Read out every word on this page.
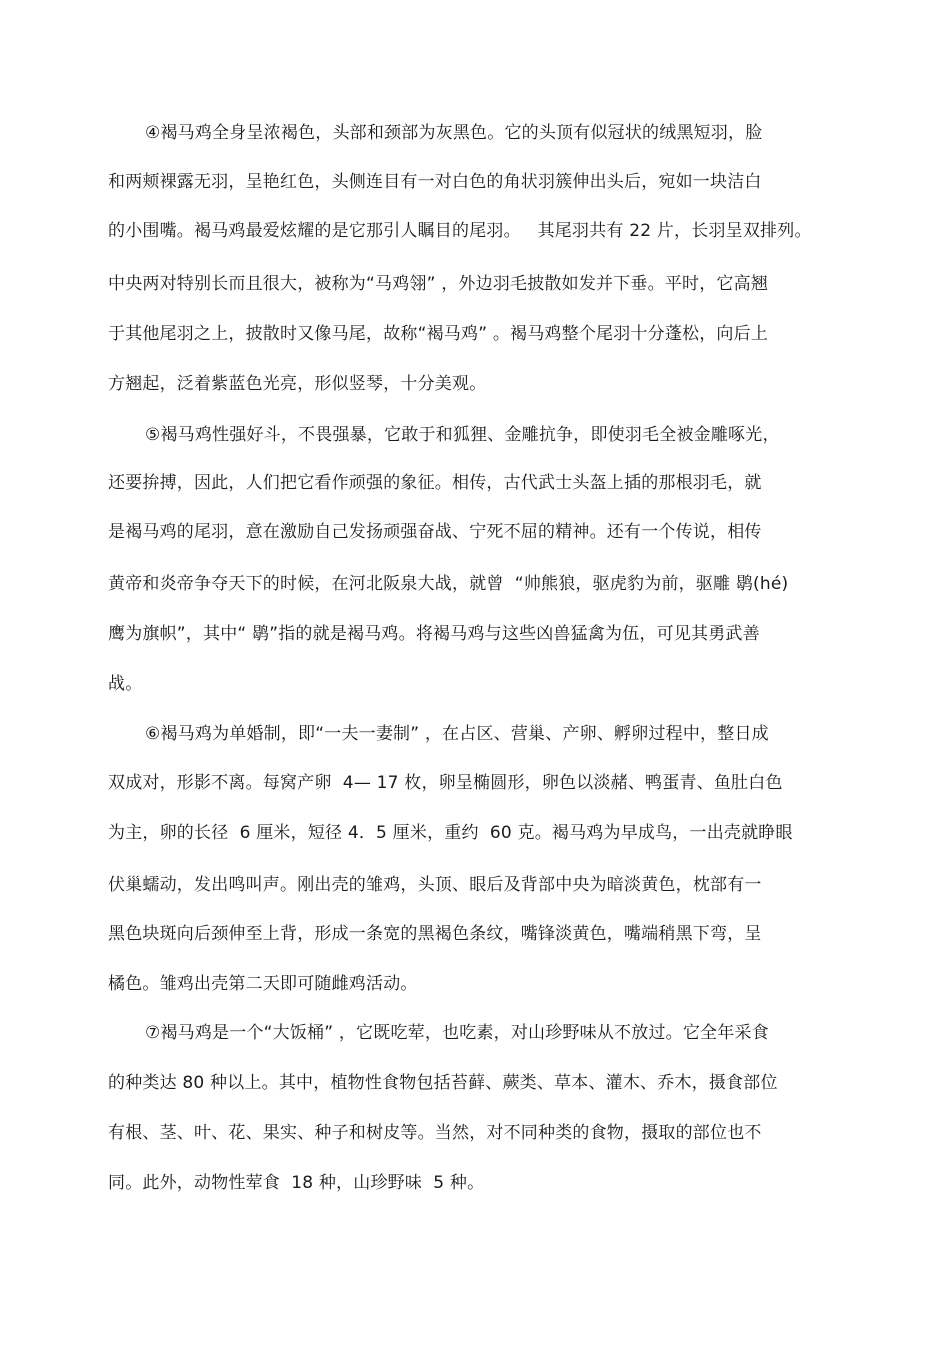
④褐马鸡全身呈浓褐色，头部和颈部为灰黑色。它的头顶有似冠状的绒黑短羽，脸
和两颊裸露无羽，呈艳红色，头侧连目有一对白色的角状羽簇伸出头后，宛如一块洁白
的小围嘴。褐马鸡最爱炫耀的是它那引人瞩目的尾羽。   其尾羽共有 22 片，长羽呈双排列。
中央两对特别长而且很大，被称为“马鸡翎” ，外边羽毛披散如发并下垂。平时，它高翘
于其他尾羽之上，披散时又像马尾，故称“褐马鸡” 。褐马鸡整个尾羽十分蓬松，向后上
方翘起，泛着紫蓝色光亮，形似竖琴，十分美观。
⑤褐马鸡性强好斗，不畏强暴，它敢于和狐狸、金雕抗争，即使羽毛全被金雕啄光，
还要拚搏，因此，人们把它看作顽强的象征。相传，古代武士头盔上插的那根羽毛，就
是褐马鸡的尾羽，意在激励自己发扬顽强奋战、宁死不屈的精神。还有一个传说，相传
黄帝和炎帝争夺天下的时候，在河北阪泉大战，就曾  “帅熊狼，驱虎豹为前，驱雕 鹖(hé)
鹰为旗帜”，其中“ 鹖”指的就是褐马鸡。将褐马鸡与这些凶兽猛禽为伍，可见其勇武善
战。
⑥褐马鸡为单婚制，即“一夫一妻制” ，在占区、营巢、产卵、孵卵过程中，整日成
双成对，形影不离。每窝产卵  4— 17 枚，卵呈椭圆形，卵色以淡赭、鸭蛋青、鱼肚白色
为主，卵的长径  6 厘米，短径 4．5 厘米，重约  60 克。褐马鸡为早成鸟，一出壳就睁眼
伏巢蠕动，发出鸣叫声。刚出壳的雏鸡，头顶、眼后及背部中央为暗淡黄色，枕部有一
黑色块斑向后颈伸至上背，形成一条宽的黑褐色条纹，嘴锋淡黄色，嘴端稍黑下弯，呈
橘色。雏鸡出壳第二天即可随雌鸡活动。
⑦褐马鸡是一个“大饭桶” ，它既吃荤，也吃素，对山珍野味从不放过。它全年采食
的种类达 80 种以上。其中，植物性食物包括苔藓、蕨类、草本、灌木、乔木，摄食部位
有根、茎、叶、花、果实、种子和树皮等。当然，对不同种类的食物，摄取的部位也不
同。此外，动物性荤食  18 种，山珍野味  5 种。
